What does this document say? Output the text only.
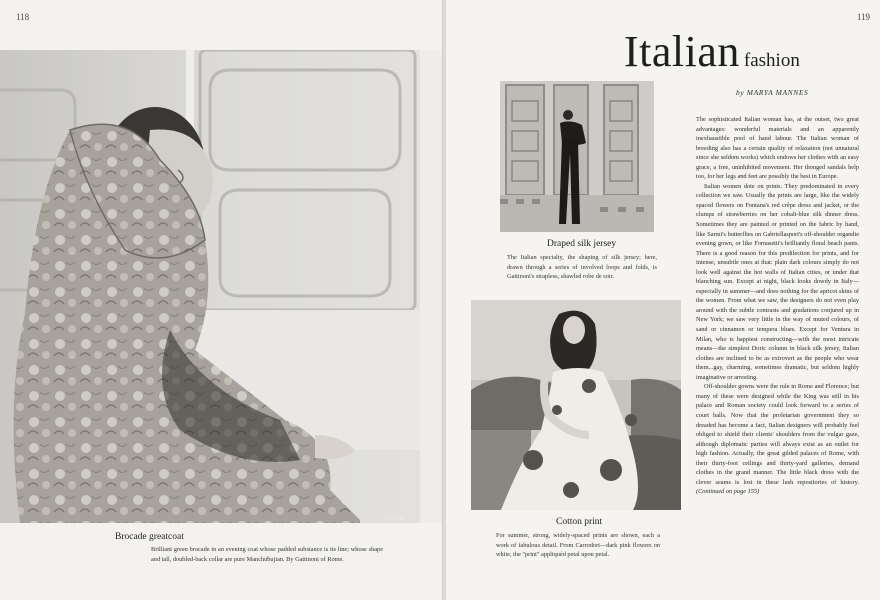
118
COFFIN
Brocade greatcoat
Brilliant green brocade in an evening coat whose padded substance is its line; whose shape and tall, doubled-back collar are pure Manchuḃujian. By Gattinoni of Rome.
119
Italian fashion
by MARYA MANNES
Draped silk jersey
The Italian specialty, the shaping of silk jersey; here, drawn through a series of involved loops and folds, is Gattinoni's strapless, shawled robe de soir.
Cotton print
For summer, strong, widely-spaced prints are shown, each a work of fabulous detail. From Carrodori—dark pink flowers on white, the "print" appliquéd petal upon petal.

The sophisticated Italian woman has, at the outset, two great advantages: wonderful materials and an apparently inexhaustible pool of hand labour. The Italian woman of breeding also has a certain quality of relaxation (not unnatural since she seldom works) which endows her clothes with an easy grace, a free, uninhibited movement. Her thonged sandals help too, for her legs and feet are possibly the best in Europe.

Italian women dote on prints. They predominated in every collection we saw. Usually the prints are large, like the widely spaced flowers on Fontana's red crêpe dress and jacket, or the clumps of strawberries on her cobalt-blue silk dinner dress. Sometimes they are painted or printed on the fabric by hand, like Sarmi's butterflies on Gabriellasport's off-shoulder organdie evening gown, or like Fornasetti's brilliantly floral beach pants. There is a good reason for this predilection for prints, and for intense, unsubtle ones at that: plain dark colours simply do not look well against the hot walls of Italian cities, or under that blanching sun. Except at night, black looks dowdy in Italy—especially in summer—and does nothing for the apricot skins of the women. From what we saw, the designers do not even play around with the subtle contrasts and gradations conjured up in New York; we saw very little in the way of muted colours, of sand or cinnamon or tempera blues. Except for Ventura in Milan, who is happiest constructing—with the most intricate means—the simplest Doric column in black silk jersey, Italian clothes are inclined to be as extrovert as the people who wear them...gay, charming, sometimes dramatic, but seldom highly imaginative or arresting.

Off-shoulder gowns were the rule in Rome and Florence; but many of these were designed while the King was still in his palace and Roman society could look forward to a series of court balls. Now that the proletarian government they so dreaded has become a fact, Italian designers will probably feel obliged to shield their clients' shoulders from the vulgar gaze, although diplomatic parties will always exist as an outlet for high fashion. Actually, the great gilded palaces of Rome, with their thirty-foot ceilings and thirty-yard galleries, demand clothes in the grand manner. The little black dress with the clever seams is lost in these lush repositories of history. (Continued on page 155)
